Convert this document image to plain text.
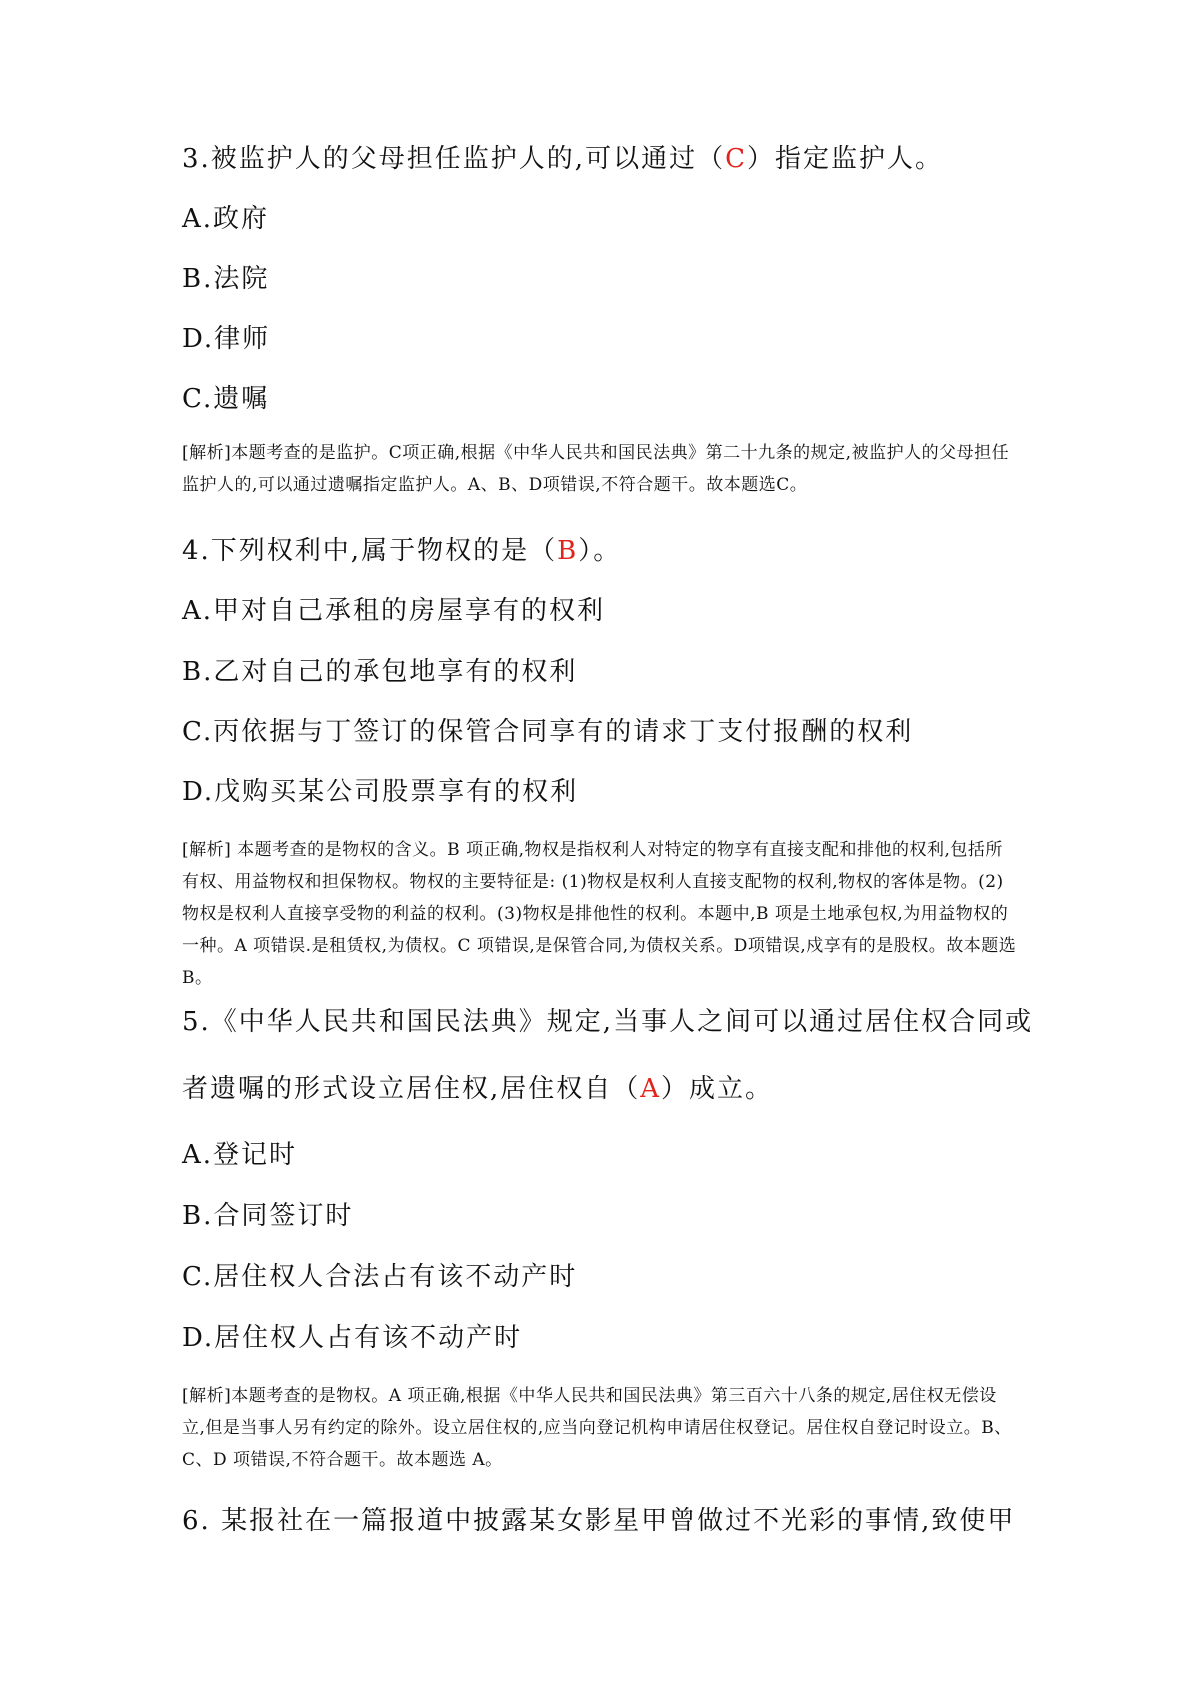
3.被监护人的父母担任监护人的,可以通过（C）指定监护人。

A.政府

B.法院

D.律师

C.遗嘱

[解析]本题考查的是监护。C项正确,根据《中华人民共和国民法典》第二十九条的规定,被监护人的父母担任监护人的,可以通过遗嘱指定监护人。A、B、D项错误,不符合题干。故本题选C。

4.下列权利中,属于物权的是（B）。

A.甲对自己承租的房屋享有的权利

B.乙对自己的承包地享有的权利

C.丙依据与丁签订的保管合同享有的请求丁支付报酬的权利

D.戊购买某公司股票享有的权利

[解析] 本题考查的是物权的含义。B 项正确,物权是指权利人对特定的物享有直接支配和排他的权利,包括所有权、用益物权和担保物权。物权的主要特征是: (1)物权是权利人直接支配物的权利,物权的客体是物。(2)物权是权利人直接享受物的利益的权利。(3)物权是排他性的权利。本题中,B 项是土地承包权,为用益物权的一种。A 项错误.是租赁权,为债权。C 项错误,是保管合同,为债权关系。D项错误,戍享有的是股权。故本题选 B。

5.《中华人民共和国民法典》规定,当事人之间可以通过居住权合同或

者遗嘱的形式设立居住权,居住权自（A）成立。

A.登记时

B.合同签订时

C.居住权人合法占有该不动产时

D.居住权人占有该不动产时

[解析]本题考查的是物权。A 项正确,根据《中华人民共和国民法典》第三百六十八条的规定,居住权无偿设立,但是当事人另有约定的除外。设立居住权的,应当向登记机构申请居住权登记。居住权自登记时设立。B、C、D 项错误,不符合题干。故本题选 A。

6. 某报社在一篇报道中披露某女影星甲曾做过不光彩的事情,致使甲
